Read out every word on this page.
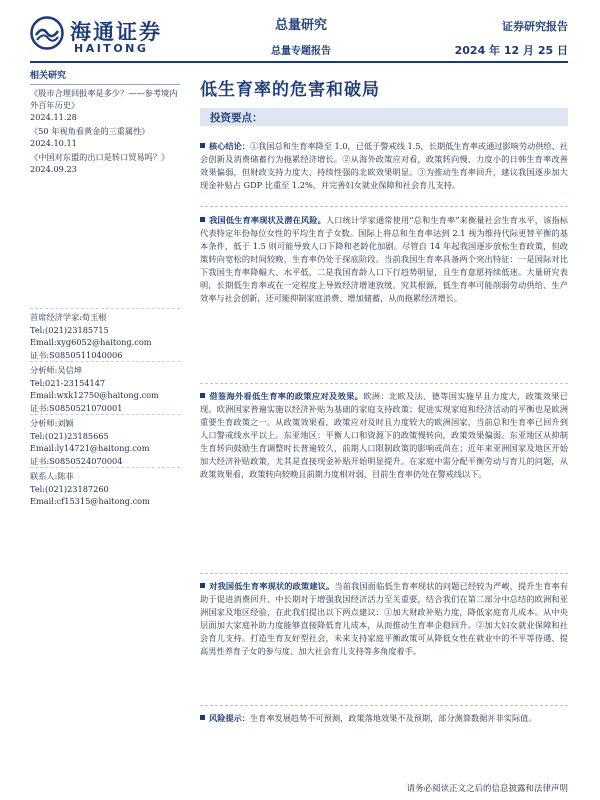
海通证券
HAITONG
总量研究
总量专题报告
证券研究报告
2024 年 12 月 25 日
相关研究
《股市合理回报率是多少？——参考境内外百年历史》
2024.11.28
《50 年视角看黄金的三重属性》
2024.10.11
《中国对东盟的出口是转口贸易吗？》
2024.09.23
首席经济学家:荀玉根
Tel:(021)23185715
Email:xyg6052@haitong.com
证书:S0850511040006
分析师:吴信坤
Tel:021-23154147
Email:wxk12750@haitong.com
证书:S0850521070001
分析师:刘颖
Tel:(021)23185665
Email:ly14721@haitong.com
证书:S0850524070004
联系人:陈菲
Tel:(021)23187260
Email:cf15315@haitong.com
低生育率的危害和破局
投资要点：
核心结论：①我国总和生育率降至 1.0，已低于警戒线 1.5，长期低生育率或通过影响劳动供给、社会创新及消费储蓄行为拖累经济增长。②从海外政策应对看，政策转向慢、力度小的日韩生育率改善效果偏弱，但财政支持力度大、持续性强的北欧效果明显。③为推动生育率回升，建议我国逐步加大现金补贴占 GDP 比重至 1.2%，并完善妇女就业保障和社会育儿支持。
我国低生育率现状及潜在风险。人口统计学家通常使用“总和生育率”来衡量社会生育水平，该指标代表特定年份每位女性的平均生育子女数。国际上将总和生育率达到 2.1 视为维持代际更替平衡的基本条件，低于 1.5 则可能导致人口下降和老龄化加剧。尽管自 14 年起我国逐步放松生育政策，但政策转向宽松的时间较晚，生育率仍处于探底阶段。当前我国生育率具备两个突出特征：一是国际对比下我国生育率降幅大、水平低，二是我国育龄人口下行趋势明显，且生育意愿持续低迷。大量研究表明，长期低生育率或在一定程度上导致经济增速放缓。究其根源，低生育率可能削弱劳动供给、生产效率与社会创新，还可能抑制家庭消费、增加储蓄，从而拖累经济增长。
借鉴海外看低生育率的政策应对及效果。欧洲：北欧及法、德等国实施早且力度大，政策效果已现。欧洲国家普遍实施以经济补贴为基础的家庭支持政策；促进实现家庭和经济活动的平衡也是欧洲重要生育政策之一。从政策效果看，政策应对及时且力度较大的欧洲国家，当前总和生育率已回升到人口警戒线水平以上。东亚地区：平衡人口和资源下的政策慢转向，政策效果偏弱。东亚地区从抑制生育转向鼓励生育调整时长普遍较久，前期人口限制政策的影响或尚在；近年来亚洲国家及地区开始加大经济补贴政策，尤其是直接现金补贴开始明显提升。在家庭中需分配平衡劳动与育儿的问题，从政策效果看，政策转向较晚且前期力度相对弱，目前生育率仍处在警戒线以下。
对我国低生育率现状的政策建议。当前我国面临低生育率现状的问题已经较为严峻，提升生育率有助于促进消费回升、中长期对于增强我国经济活力至关重要，结合我们在第二部分中总结的欧洲和亚洲国家及地区经验，在此我们提出以下两点建议：①加大财政补贴力度，降低家庭育儿成本。从中央层面加大家庭补助力度能够直接降低育儿成本，从而推动生育率企稳回升。②加大妇女就业保障和社会育儿支持。打造生育友好型社会，未来支持家庭平衡政策可从降低女性在就业中的不平等待遇、提高男性养育子女的参与度、加大社会育儿支持等多角度着手。
风险提示：生育率发展趋势不可预测，政策落地效果不及预期，部分测算数据并非实际值。
请务必阅读正文之后的信息披露和法律声明
